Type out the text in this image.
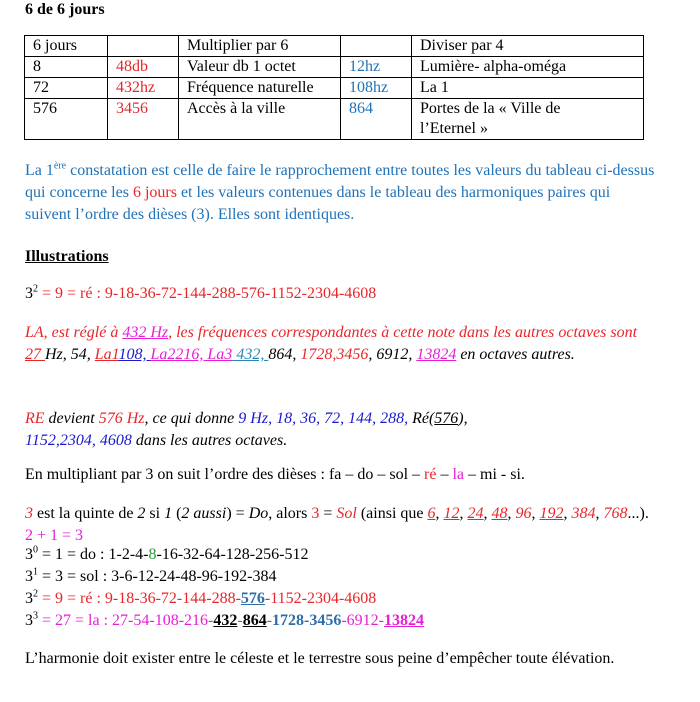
6 de 6 jours
6 jours		Multiplier par 6		Diviser par 4
8	48db	Valeur db 1 octet	12hz	Lumière- alpha-oméga
72	432hz	Fréquence naturelle	108hz	La 1
576	3456	Accès à la ville	864	Portes de la « Ville de
l’Eternel »
La 1ère constatation est celle de faire le rapprochement entre toutes les valeurs du tableau ci-dessus qui concerne les 6 jours et les valeurs contenues dans le tableau des harmoniques paires qui suivent l’ordre des dièses (3). Elles sont identiques.
Illustrations
$3^2 = 9$ = ré : 9-18-36-72-144-288-576-1152-2304-4608
LA, est réglé à 432 Hz, les fréquences correspondantes à cette note dans les autres octaves sont 27 Hz, 54, La1108, La2216, La3 432, 864, 1728,3456, 6912, 13824 en octaves autres.
RE devient 576 Hz, ce qui donne 9 Hz, 18, 36, 72, 144, 288, Ré(576),
1152,2304, 4608 dans les autres octaves.
En multipliant par 3 on suit l’ordre des dièses : fa – do – sol – ré – la – mi - si.
3 est la quinte de 2 si 1 (2 aussi) = Do, alors 3 = Sol (ainsi que 6, 12, 24, 48, 96, 192, 384, 768...). 2 + 1 = 3
$3^0 = 1$ = do : 1-2-4-8-16-32-64-128-256-512
$3^1 = 3$ = sol : 3-6-12-24-48-96-192-384
$3^2 = 9$ = ré : 9-18-36-72-144-288-576-1152-2304-4608
$3^3 = 27$ = la : 27-54-108-216-432-864-1728-3456-6912-13824
L’harmonie doit exister entre le céleste et le terrestre sous peine d’empêcher toute élévation.
